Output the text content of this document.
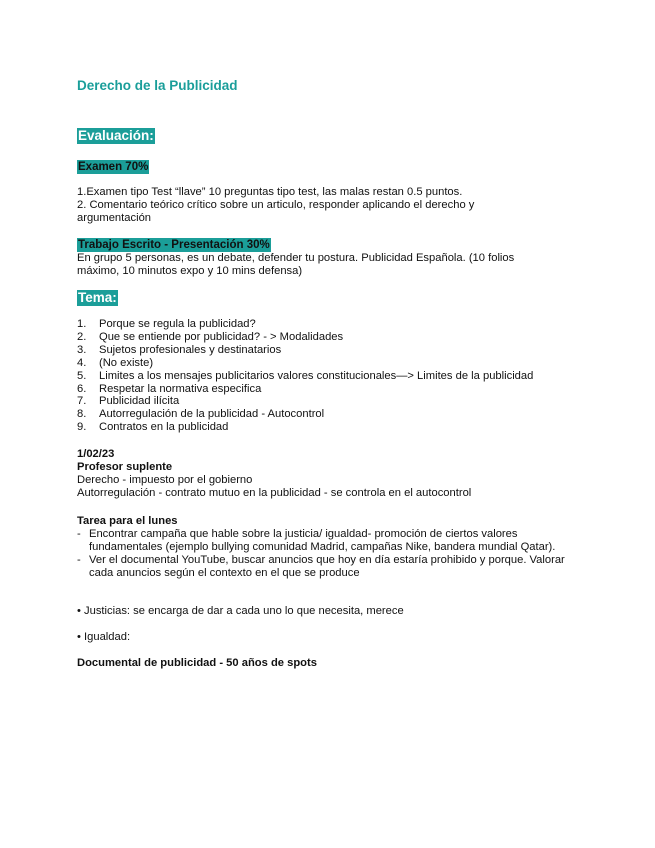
Derecho de la Publicidad
Evaluación:
Examen 70%

1.Examen tipo Test “llave” 10 preguntas tipo test, las malas restan 0.5 puntos.

2. Comentario teórico crítico sobre un articulo, responder aplicando el derecho y

argumentación

Trabajo Escrito - Presentación 30%

En grupo 5 personas, es un debate, defender tu postura. Publicidad Española. (10 folios

máximo, 10 minutos expo y 10 mins defensa)

Tema:
1.	Porque se regula la publicidad?
2.	Que se entiende por publicidad? - > Modalidades
3.	Sujetos profesionales y destinatarios
4.	(No existe)
5.	Limites a los mensajes publicitarios valores constitucionales—> Limites de la publicidad
6.	Respetar la normativa especifica
7.	Publicidad ilícita
8.	Autorregulación de la publicidad - Autocontrol
9.	Contratos en la publicidad

1/02/23

Profesor suplente

Derecho - impuesto por el gobierno

Autorregulación - contrato mutuo en la publicidad - se controla en el autocontrol

Tarea para el lunes

- Encontrar campaña que hable sobre la justicia/ igualdad- promoción de ciertos valores fundamentales (ejemplo bullying comunidad Madrid, campañas Nike, bandera mundial Qatar).
- Ver el documental YouTube, buscar anuncios que hoy en día estaría prohibido y porque. Valorar cada anuncios según el contexto en el que se produce
• Justicias: se encarga de dar a cada uno lo que necesita, merece
• Igualdad:
Documental de publicidad - 50 años de spots
